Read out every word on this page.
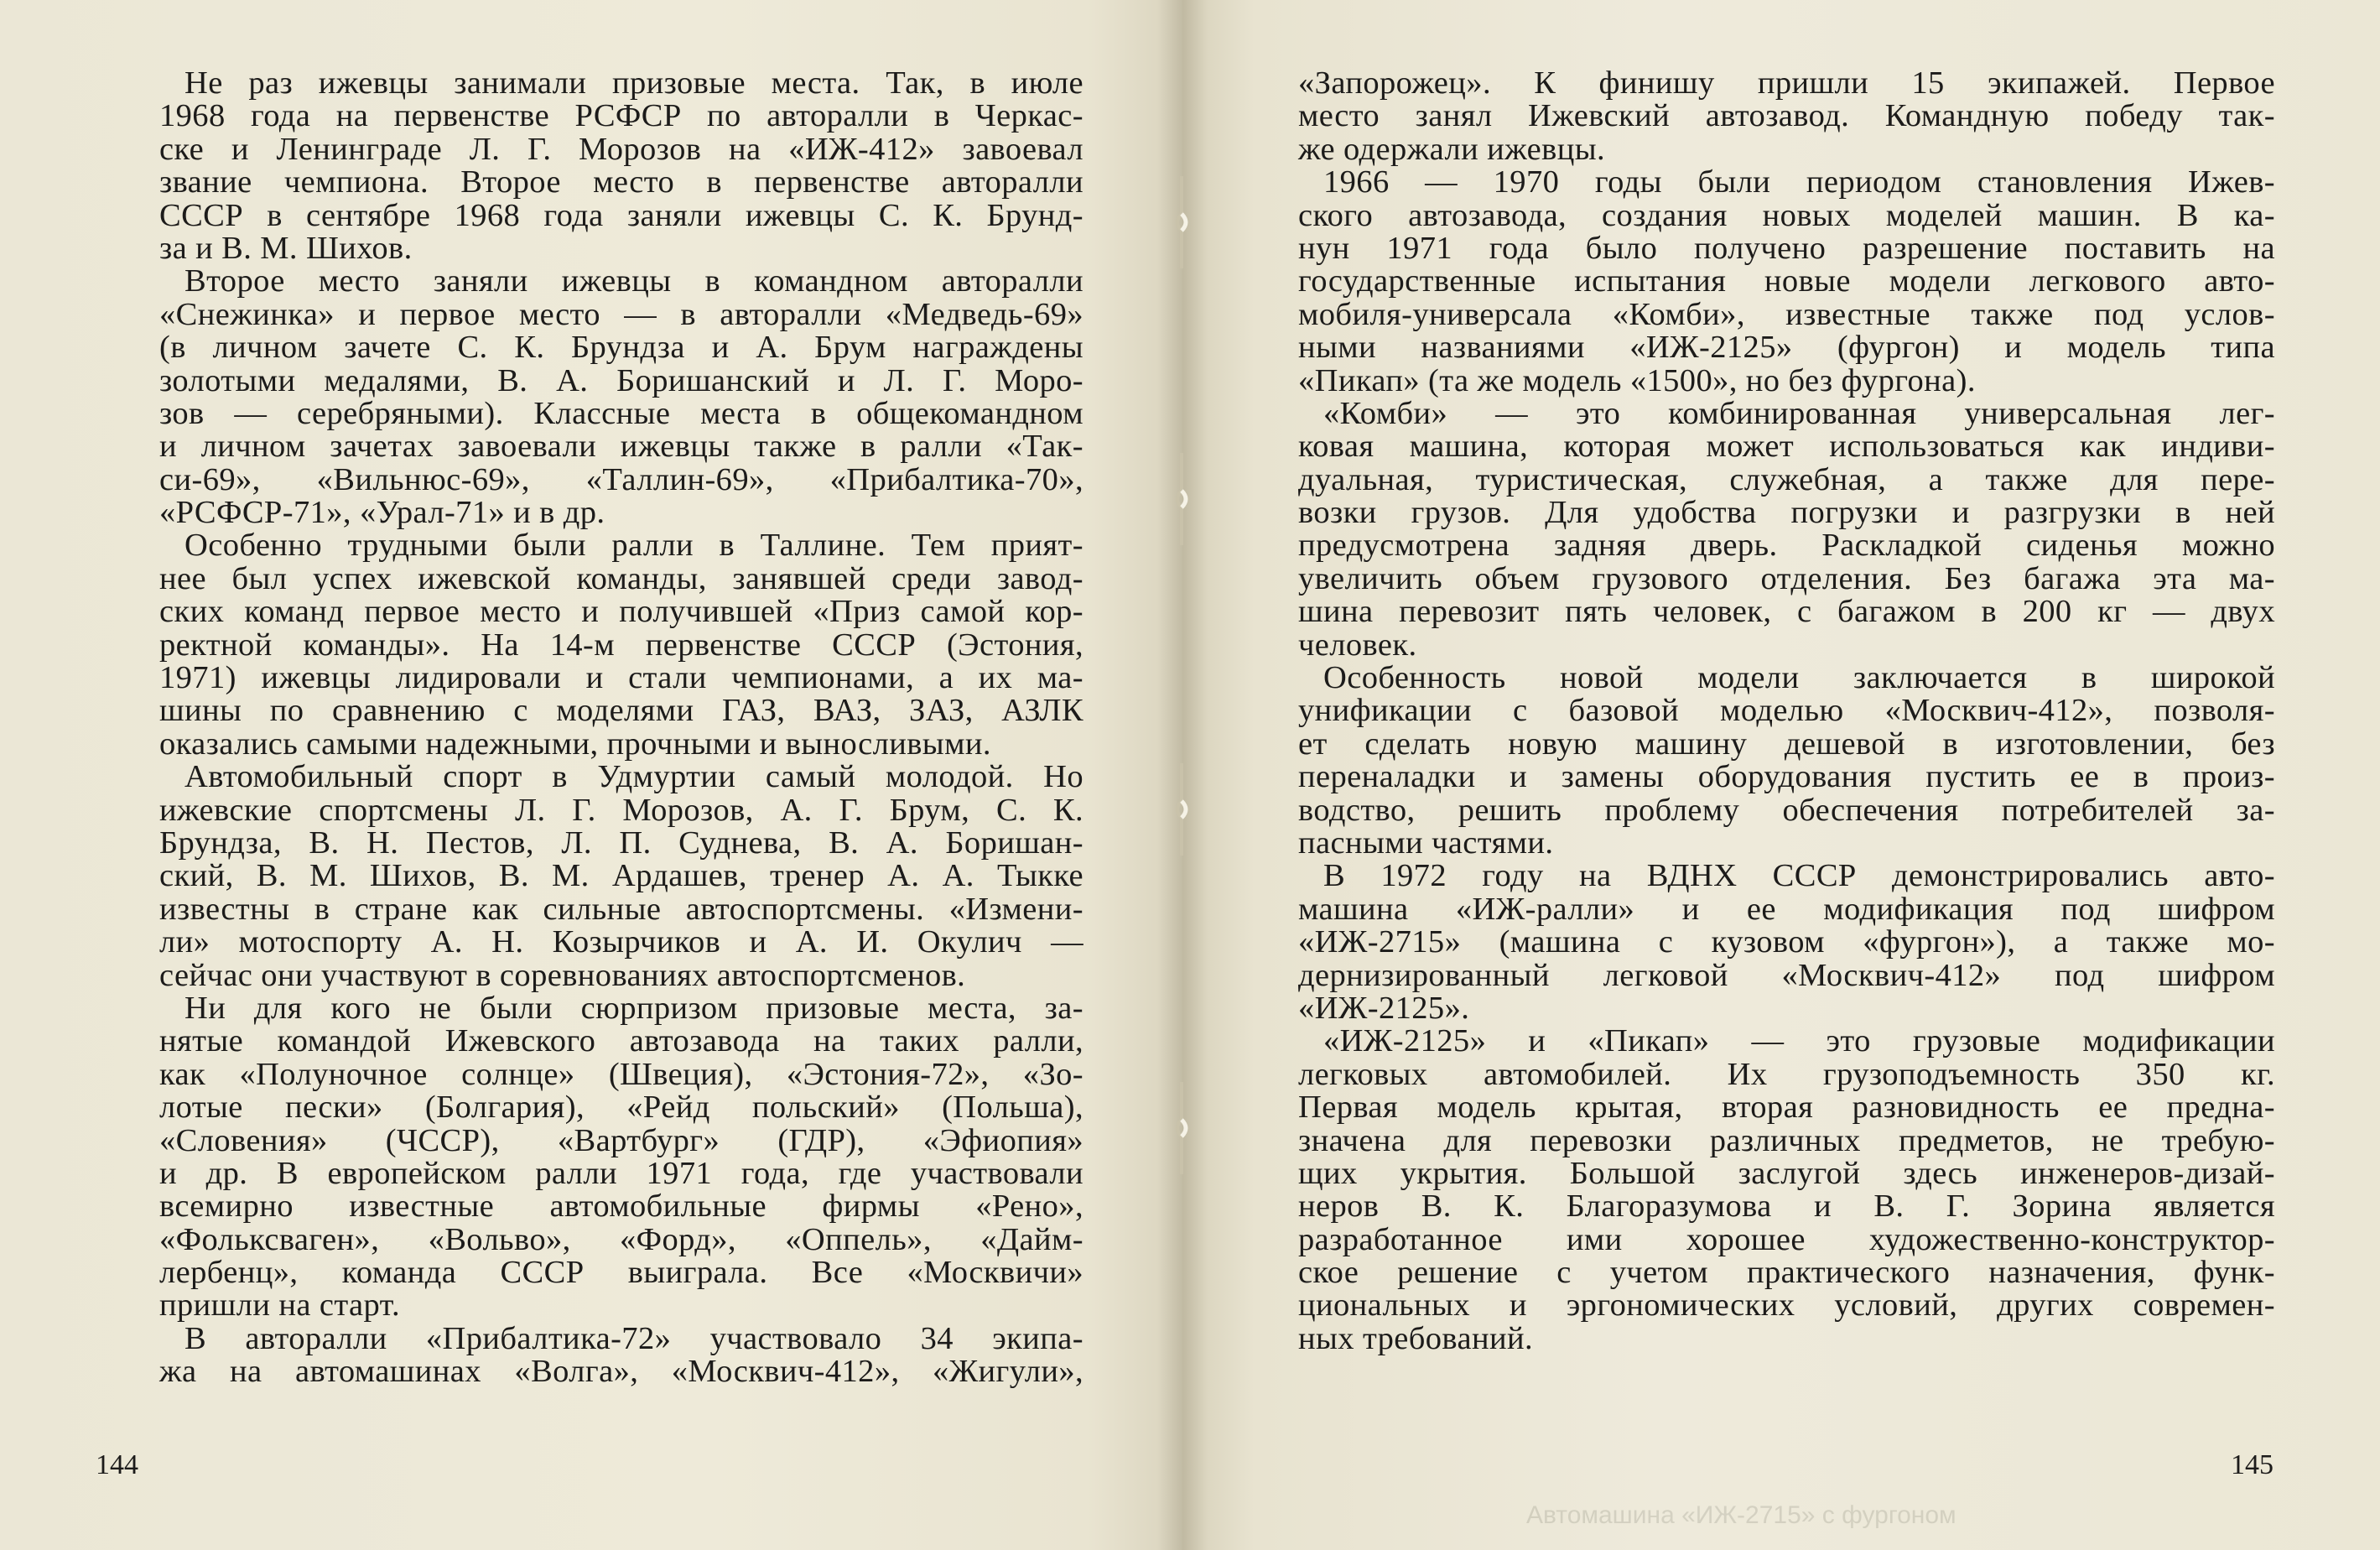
Не раз ижевцы занимали призовые места. Так, в июле
1968 года на первенстве РСФСР по авторалли в Черкас-
ске и Ленинграде Л. Г. Морозов на «ИЖ-412» завоевал
звание чемпиона. Второе место в первенстве авторалли
СССР в сентябре 1968 года заняли ижевцы С. К. Брунд-
за и В. М. Шихов.
Второе место заняли ижевцы в командном авторалли
«Снежинка» и первое место — в авторалли «Медведь-69»
(в личном зачете С. К. Брундза и А. Брум награждены
золотыми медалями, В. А. Боришанский и Л. Г. Моро-
зов — серебряными). Классные места в общекомандном
и личном зачетах завоевали ижевцы также в ралли «Так-
си-69», «Вильнюс-69», «Таллин-69», «Прибалтика-70»,
«РСФСР-71», «Урал-71» и в др.
Особенно трудными были ралли в Таллине. Тем прият-
нее был успех ижевской команды, занявшей среди завод-
ских команд первое место и получившей «Приз самой кор-
ректной команды». На 14-м первенстве СССР (Эстония,
1971) ижевцы лидировали и стали чемпионами, а их ма-
шины по сравнению с моделями ГАЗ, ВАЗ, ЗАЗ, АЗЛК
оказались самыми надежными, прочными и выносливыми.
Автомобильный спорт в Удмуртии самый молодой. Но
ижевские спортсмены Л. Г. Морозов, А. Г. Брум, С. К.
Брундза, В. Н. Пестов, Л. П. Суднева, В. А. Боришан-
ский, В. М. Шихов, В. М. Ардашев, тренер А. А. Тыкке
известны в стране как сильные автоспортсмены. «Измени-
ли» мотоспорту А. Н. Козырчиков и А. И. Окулич —
сейчас они участвуют в соревнованиях автоспортсменов.
Ни для кого не были сюрпризом призовые места, за-
нятые командой Ижевского автозавода на таких ралли,
как «Полуночное солнце» (Швеция), «Эстония-72», «Зо-
лотые пески» (Болгария), «Рейд польский» (Польша),
«Словения» (ЧССР), «Вартбург» (ГДР), «Эфиопия»
и др. В европейском ралли 1971 года, где участвовали
всемирно известные автомобильные фирмы «Рено»,
«Фольксваген», «Вольво», «Форд», «Оппель», «Дайм-
лербенц», команда СССР выиграла. Все «Москвичи»
пришли на старт.
В авторалли «Прибалтика-72» участвовало 34 экипа-
жа на автомашинах «Волга», «Москвич-412», «Жигули»,
144
«Запорожец». К финишу пришли 15 экипажей. Первое
место занял Ижевский автозавод. Командную победу так-
же одержали ижевцы.
1966 — 1970 годы были периодом становления Ижев-
ского автозавода, создания новых моделей машин. В ка-
нун 1971 года было получено разрешение поставить на
государственные испытания новые модели легкового авто-
мобиля-универсала «Комби», известные также под услов-
ными названиями «ИЖ-2125» (фургон) и модель типа
«Пикап» (та же модель «1500», но без фургона).
«Комби» — это комбинированная универсальная лег-
ковая машина, которая может использоваться как индиви-
дуальная, туристическая, служебная, а также для пере-
возки грузов. Для удобства погрузки и разгрузки в ней
предусмотрена задняя дверь. Раскладкой сиденья можно
увеличить объем грузового отделения. Без багажа эта ма-
шина перевозит пять человек, с багажом в 200 кг — двух
человек.
Особенность новой модели заключается в широкой
унификации с базовой моделью «Москвич-412», позволя-
ет сделать новую машину дешевой в изготовлении, без
переналадки и замены оборудования пустить ее в произ-
водство, решить проблему обеспечения потребителей за-
пасными частями.
В 1972 году на ВДНХ СССР демонстрировались авто-
машина «ИЖ-ралли» и ее модификация под шифром
«ИЖ-2715» (машина с кузовом «фургон»), а также мо-
дернизированный легковой «Москвич-412» под шифром
«ИЖ-2125».
«ИЖ-2125» и «Пикап» — это грузовые модификации
легковых автомобилей. Их грузоподъемность 350 кг.
Первая модель крытая, вторая разновидность ее предна-
значена для перевозки различных предметов, не требую-
щих укрытия. Большой заслугой здесь инженеров-дизай-
неров В. К. Благоразумова и В. Г. Зорина является
разработанное ими хорошее художественно-конструктор-
ское решение с учетом практического назначения, функ-
циональных и эргономических условий, других современ-
ных требований.
145
Автомашина «ИЖ-2715» с фургоном
